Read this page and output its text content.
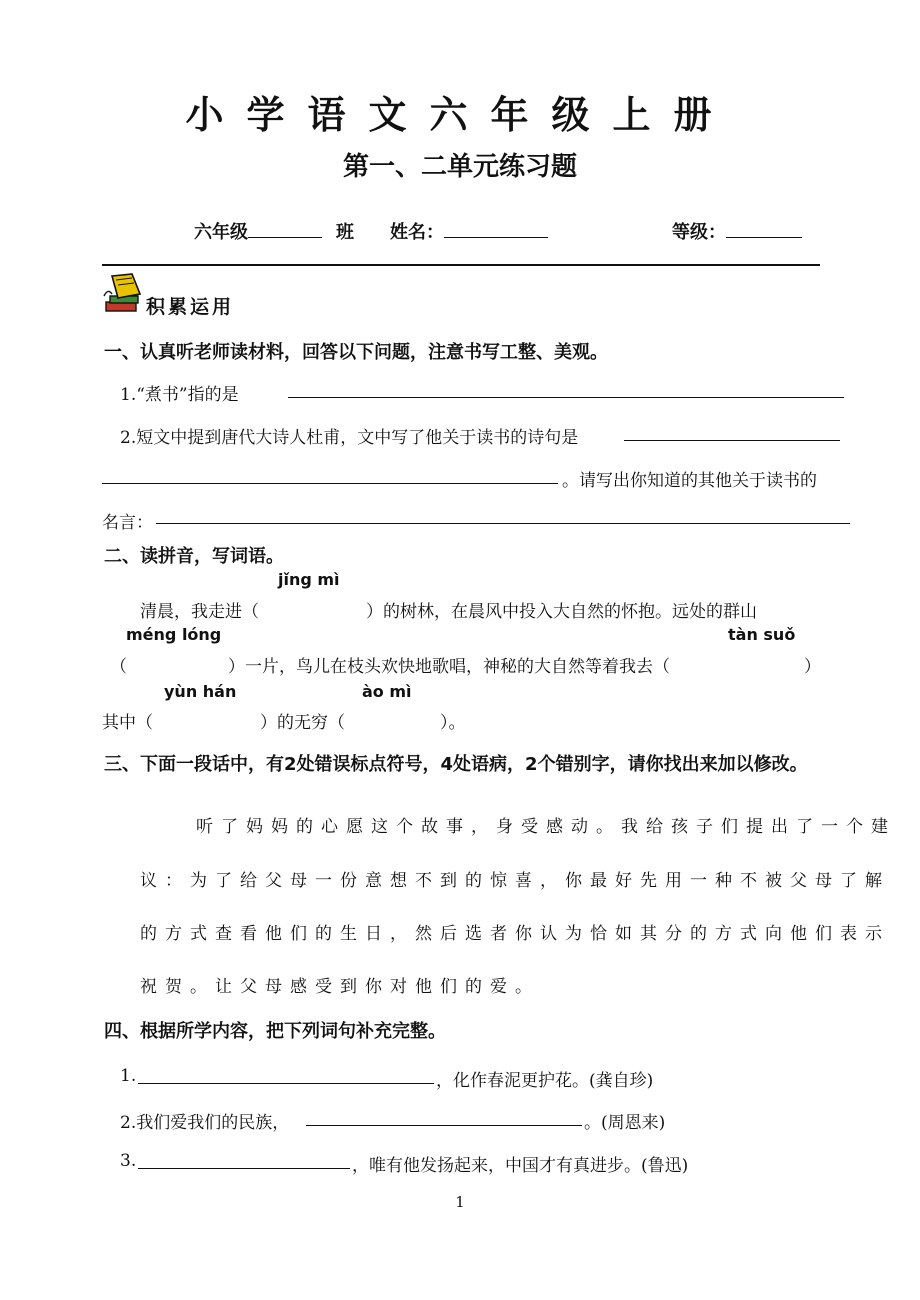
小学语文六年级上册
第一、二单元练习题
六年级	班 姓名：	等级：
积累运用
一、认真听老师读材料，回答以下问题，注意书写工整、美观。
1.“煮书”指的是
2.短文中提到唐代大诗人杜甫，文中写了他关于读书的诗句是
。请写出你知道的其他关于读书的
名言：
二、读拼音，写词语。
jǐng mì
清晨，我走进（	）的树林，在晨风中投入大自然的怀抱。远处的群山
méng lóng	tàn suǒ
（	）一片，鸟儿在枝头欢快地歌唱，神秘的大自然等着我去（	）
yùn hán	ào mì
其中（	）的无穷（	）。
三、下面一段话中，有2处错误标点符号，4处语病，2个错别字，请你找出来加以修改。
听了妈妈的心愿这个故事，身受感动。我给孩子们提出了一个建
议：为了给父母一份意想不到的惊喜，你最好先用一种不被父母了解
的方式查看他们的生日，然后选者你认为恰如其分的方式向他们表示
祝贺。让父母感受到你对他们的爱。
四、根据所学内容，把下列词句补充完整。
1.	，化作春泥更护花。(龚自珍)
2.我们爱我们的民族，	。(周恩来)
3.	，唯有他发扬起来，中国才有真进步。(鲁迅)
1
